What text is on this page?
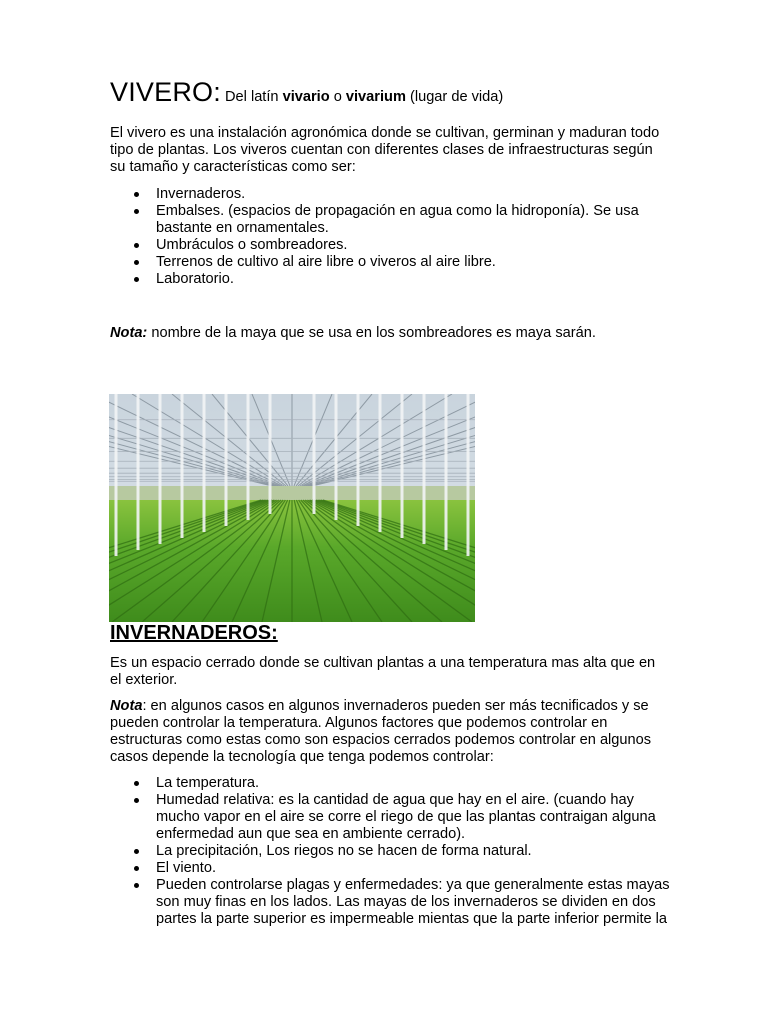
VIVERO: Del latín vivario o vivarium (lugar de vida)

El vivero es una instalación agronómica donde se cultivan, germinan y maduran todo tipo de plantas. Los viveros cuentan con diferentes clases de infraestructuras según su tamaño y características como ser:

Invernaderos.
Embalses. (espacios de propagación en agua como la hidroponía). Se usa bastante en ornamentales.
Umbráculos o sombreadores.
Terrenos de cultivo al aire libre o viveros al aire libre.
Laboratorio.

Nota: nombre de la maya que se usa en los sombreadores es maya sarán.

INVERNADEROS:

Es un espacio cerrado donde se cultivan plantas a una temperatura mas alta que en el exterior.

Nota: en algunos casos en algunos invernaderos pueden ser más tecnificados y se pueden controlar la temperatura. Algunos factores que podemos controlar en estructuras como estas como son espacios cerrados podemos controlar en algunos casos depende la tecnología que tenga podemos controlar:

La temperatura.
Humedad relativa: es la cantidad de agua que hay en el aire. (cuando hay mucho vapor en el aire se corre el riego de que las plantas contraigan alguna enfermedad aun que sea en ambiente cerrado).
La precipitación, Los riegos no se hacen de forma natural.
El viento.
Pueden controlarse plagas y enfermedades: ya que generalmente estas mayas son muy finas en los lados. Las mayas de los invernaderos se dividen en dos partes la parte superior es impermeable mientas que la parte inferior permite la
